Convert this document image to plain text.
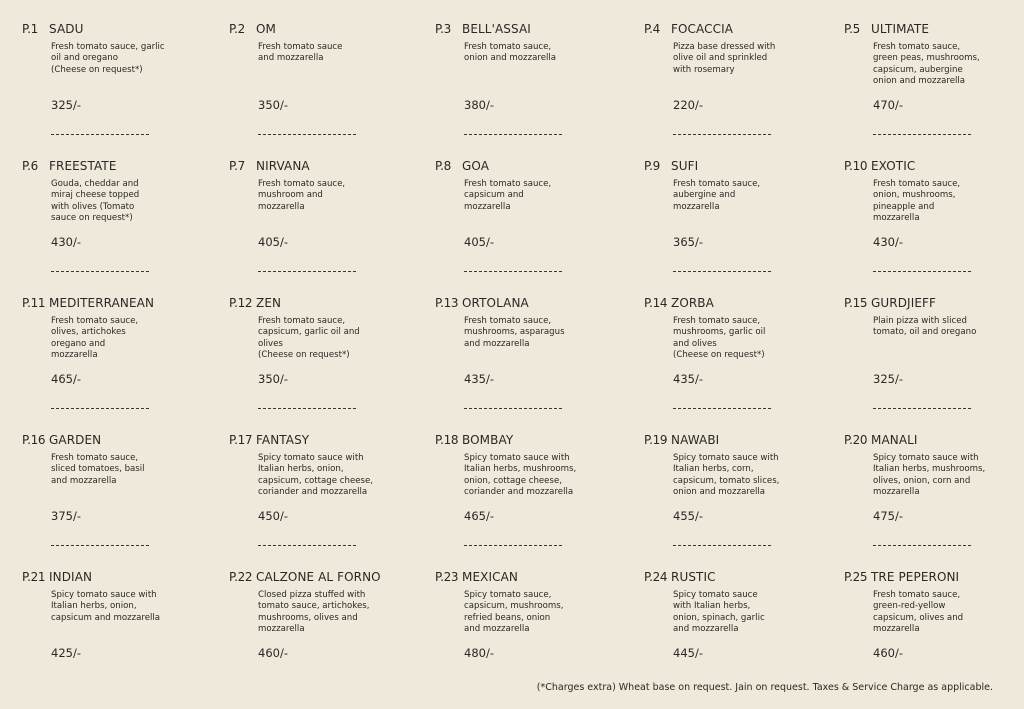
P.1 SADU
Fresh tomato sauce, garlic
oil and oregano
(Cheese on request*)
325/-
P.2 OM
Fresh tomato sauce
and mozzarella
350/-
P.3 BELL'ASSAI
Fresh tomato sauce,
onion and mozzarella
380/-
P.4 FOCACCIA
Pizza base dressed with
olive oil and sprinkled
with rosemary
220/-
P.5 ULTIMATE
Fresh tomato sauce,
green peas, mushrooms,
capsicum, aubergine
onion and mozzarella
470/-
P.6 FREESTATE
Gouda, cheddar and
miraj cheese topped
with olives (Tomato
sauce on request*)
430/-
P.7 NIRVANA
Fresh tomato sauce,
mushroom and
mozzarella
405/-
P.8 GOA
Fresh tomato sauce,
capsicum and
mozzarella
405/-
P.9 SUFI
Fresh tomato sauce,
aubergine and
mozzarella
365/-
P.10 EXOTIC
Fresh tomato sauce,
onion, mushrooms,
pineapple and
mozzarella
430/-
P.11 MEDITERRANEAN
Fresh tomato sauce,
olives, artichokes
oregano and
mozzarella
465/-
P.12 ZEN
Fresh tomato sauce,
capsicum, garlic oil and
olives
(Cheese on request*)
350/-
P.13 ORTOLANA
Fresh tomato sauce,
mushrooms, asparagus
and mozzarella
435/-
P.14 ZORBA
Fresh tomato sauce,
mushrooms, garlic oil
and olives
(Cheese on request*)
435/-
P.15 GURDJIEFF
Plain pizza with sliced
tomato, oil and oregano
325/-
P.16 GARDEN
Fresh tomato sauce,
sliced tomatoes, basil
and mozzarella
375/-
P.17 FANTASY
Spicy tomato sauce with
Italian herbs, onion,
capsicum, cottage cheese,
coriander and mozzarella
450/-
P.18 BOMBAY
Spicy tomato sauce with
Italian herbs, mushrooms,
onion, cottage cheese,
coriander and mozzarella
465/-
P.19 NAWABI
Spicy tomato sauce with
Italian herbs, corn,
capsicum, tomato slices,
onion and mozzarella
455/-
P.20 MANALI
Spicy tomato sauce with
Italian herbs, mushrooms,
olives, onion, corn and
mozzarella
475/-
P.21 INDIAN
Spicy tomato sauce with
Italian herbs, onion,
capsicum and mozzarella
425/-
P.22 CALZONE AL FORNO
Closed pizza stuffed with
tomato sauce, artichokes,
mushrooms, olives and
mozzarella
460/-
P.23 MEXICAN
Spicy tomato sauce,
capsicum, mushrooms,
refried beans, onion
and mozzarella
480/-
P.24 RUSTIC
Spicy tomato sauce
with Italian herbs,
onion, spinach, garlic
and mozzarella
445/-
P.25 TRE PEPERONI
Fresh tomato sauce,
green-red-yellow
capsicum, olives and
mozzarella
460/-
(*Charges extra) Wheat base on request. Jain on request. Taxes & Service Charge as applicable.
